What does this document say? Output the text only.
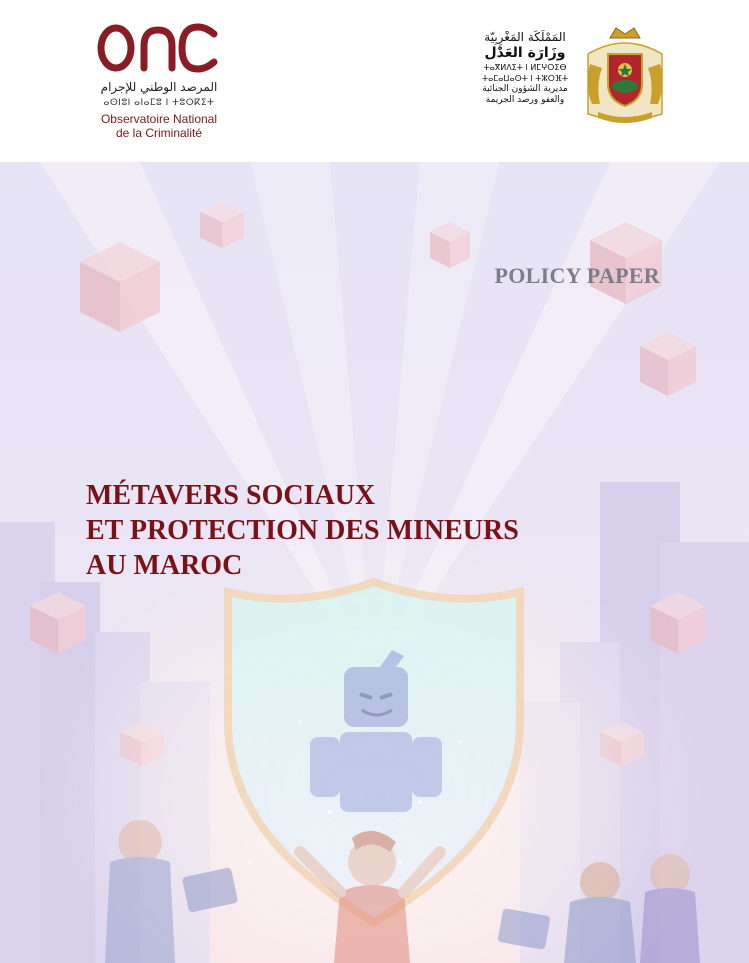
المرصد الوطني للإجرام
ⴰⵙⵏⵓⵏ ⴰⵏⴰⵎⵓ ⵏ ⵜⵓⵔⴽⵉⵜ
Observatoire National
de la Criminalité
المَمْلَكَة المَغْرِبِيّة
وزَارَة العَدْل
ⵜⴰⴳⵍⴷⵉⵜ ⵏ ⵍⵎⵖⵔⵉⴱ
ⵜⴰⵎⴰⵡⴰⵙⵜ ⵏ ⵜⵣⵔⴼⵜ
مديرية الشؤون الجنائية
والعفو ورصد الجريمة
POLICY PAPER
MÉTAVERS SOCIAUX
ET PROTECTION DES MINEURS
AU MAROC
